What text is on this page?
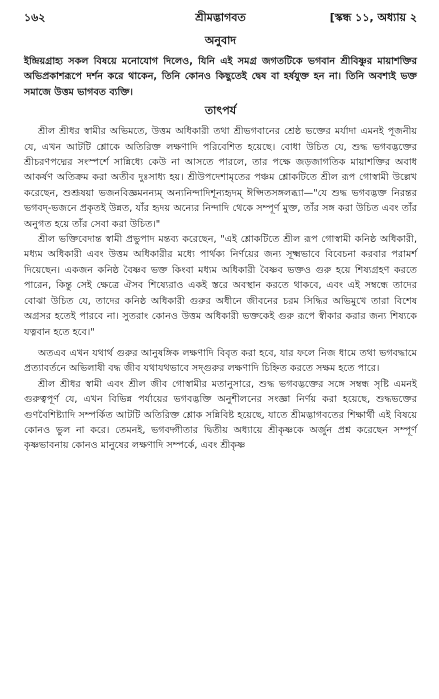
১৬২	শ্রীমদ্ভাগবত	[স্কন্ধ ১১, অধ্যায় ২
অনুবাদ

ইন্দ্রিয়গ্রাহ্য সকল বিষয়ে মনোযোগ দিলেও, যিনি এই সমগ্র জগতটিকে ভগবান শ্রীবিষ্ণুর মায়াশক্তির অভিপ্রকাশরূপে দর্শন করে থাকেন, তিনি কোনও কিছুতেই দ্বেষ বা হর্ষযুক্ত হন না। তিনি অবশ্যই ভক্ত সমাজে উত্তম ভাগবত ব্যক্তি।

তাৎপর্য

শ্রীল শ্রীধর স্বামীর অভিমতে, উত্তম অধিকারী তথা শ্রীভগবানের শ্রেষ্ঠ ভক্তের মর্যাদা এমনই পূজনীয় যে, এখন আটটি শ্লোকে অতিরিক্ত লক্ষণাদি পরিবেশিত হয়েছে। বোধা উচিত যে, শুদ্ধ ভগবদ্ভক্তের শ্রীচরণপদ্মের সংস্পর্শে সান্নিধ্যে কেউ না আসতে পারলে, তার পক্ষে জড়জাগতিক মায়াশক্তির অবাধ আকর্ষণ অতিক্রম করা অতীব দুঃসাধ্য হয়। শ্রীউপদেশামৃতের পঞ্চম শ্লোকটিতে শ্রীল রূপ গোস্বামী উল্লেখ করেছেন, শুশ্রূষয়া ভজনবিজ্ঞমনন্যম্ অন্যনিন্দাদিশূন্যহৃদম্ ঈপ্সিতসঙ্গলব্ধ্যা—"যে শুদ্ধ ভগবদ্ভক্ত নিরন্তর ভগবদ্-ভজনে প্রকৃতই উন্নত, যাঁর হৃদয় অন্যের নিন্দাদি থেকে সম্পূর্ণ মুক্ত, তাঁর সঙ্গ করা উচিত এবং তাঁর অনুগত হয়ে তাঁর সেবা করা উচিত।"

শ্রীল ভক্তিবেদান্ত স্বামী প্রভুপাদ মন্তব্য করেছেন, "এই শ্লোকটিতে শ্রীল রূপ গোস্বামী কনিষ্ঠ অধিকারী, মধ্যম অধিকারী এবং উত্তম অধিকারীর মধ্যে পার্থক্য নির্ণয়ের জন্য সূক্ষ্মভাবে বিবেচনা করবার পরামর্শ দিয়েছেন। একজন কনিষ্ঠ বৈষ্ণব ভক্ত কিংবা মধ্যম অধিকারী বৈষ্ণব ভক্তও গুরু হয়ে শিষ্যগ্রহণ করতে পারেন, কিন্তু সেই ক্ষেত্রে ঐসব শিষ্যেরাও একই স্তরে অবস্থান করতে থাকবে, এবং এই সম্বন্ধে তাদের বোঝা উচিত যে, তাদের কনিষ্ঠ অধিকারী গুরুর অধীনে জীবনের চরম সিদ্ধির অভিমুখে তারা বিশেষ অগ্রসর হতেই পারবে না। সুতরাং কোনও উত্তম অধিকারী ভক্তকেই গুরু রূপে স্বীকার করার জন্য শিষ্যকে যত্নবান হতে হবে।"

অতএব এখন যথার্থ গুরুর আনুষঙ্গিক লক্ষণাদি বিবৃত করা হবে, যার ফলে নিজ ধামে তথা ভগবদ্ধামে প্রত্যাবর্তনে অভিলাষী বদ্ধ জীব যথাযথভাবে সদ্গুরুর লক্ষণাদি চিহ্নিত করতে সক্ষম হতে পারে।

শ্রীল শ্রীধর স্বামী এবং শ্রীল জীব গোস্বামীর মতানুসারে, শুদ্ধ ভগবদ্ভক্তের সঙ্গে সম্বন্ধ সৃষ্টি এমনই গুরুত্বপূর্ণ যে, এখন বিভিন্ন পর্যায়ের ভগবদ্ভক্তি অনুশীলনের সংজ্ঞা নির্ণয় করা হয়েছে, শুদ্ধভক্তের গুণবৈশিষ্ট্যাদি সম্পর্কিত আটটি অতিরিক্ত শ্লোক সন্নিবিষ্ট হয়েছে, যাতে শ্রীমদ্ভাগবতের শিক্ষার্থী এই বিষয়ে কোনও ভুল না করে। তেমনই, ভগবদ্গীতার দ্বিতীয় অধ্যায়ে শ্রীকৃষ্ণকে অর্জুন প্রশ্ন করেছেন সম্পূর্ণ কৃষ্ণভাবনায় কোনও মানুষের লক্ষণাদি সম্পর্কে, এবং শ্রীকৃষ্ণ
